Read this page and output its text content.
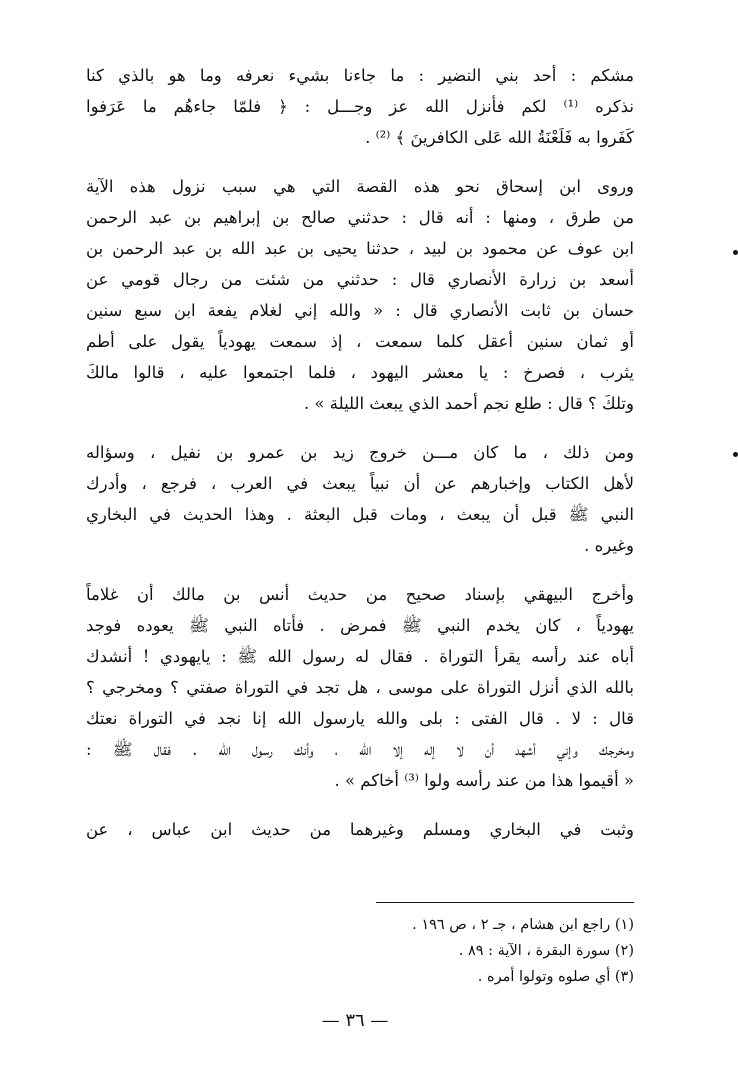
مشكم : أحد بني النضير : ما جاءنا بشيء نعرفه وما هو بالذي كنا
نذكره ⁽¹⁾ لكم فأنزل الله عز وجـــل : ﴿ فلمّا جاءهُم ما عَرَفوا
كَفَروا به فَلَعْنَةُ الله عَلى الكافرينَ ﴾ ⁽²⁾ .

وروى ابن إسحاق نحو هذه القصة التي هي سبب نزول هذه الآية
من طرق ، ومنها : أنه قال : حدثني صالح بن إبراهيم بن عبد الرحمن
ابن عوف عن محمود بن لبيد ، حدثنا يحيى بن عبد الله بن عبد الرحمن بن
أسعد بن زرارة الأنصاري قال : حدثني من شئت من رجال قومي عن
حسان بن ثابت الأنصاري قال : « والله إني لغلام يفعة ابن سبع سنين
أو ثمان سنين أعقل كلما سمعت ، إذ سمعت يهودياً يقول على أطم
يثرب ، فصرخ : يا معشر اليهود ، فلما اجتمعوا عليه ، قالوا مالكَ
وتلكَ ؟ قال : طلع نجم أحمد الذي يبعث الليلة » .

ومن ذلك ، ما كان مـــن خروج زيد بن عمرو بن نفيل ، وسؤاله
لأهل الكتاب وإخبارهم عن أن نبياً يبعث في العرب ، فرجع ، وأدرك
النبي ﷺ قبل أن يبعث ، ومات قبل البعثة . وهذا الحديث في البخاري
وغيره .

وأخرج البيهقي بإسناد صحيح من حديث أنس بن مالك أن غلاماً
يهودياً ، كان يخدم النبي ﷺ فمرض . فأتاه النبي ﷺ يعوده فوجد
أباه عند رأسه يقرأ التوراة . فقال له رسول الله ﷺ : يايهودي ! أنشدك
بالله الذي أنزل التوراة على موسى ، هل تجد في التوراة صفتي ؟ ومخرجي ؟
قال : لا . قال الفتى : بلى والله يارسول الله إنا نجد في التوراة نعتك
ومخرجك وإني أشهد أن لا إله إلا الله ، وأنك رسول الله . فقال ﷺ :
« أقيموا هذا من عند رأسه ولوا ⁽³⁾ أخاكم » .

وثبت في البخاري ومسلم وغيرهما من حديث ابن عباس ، عن

(١) راجع ابن هشام ، جـ ٢ ، ص ١٩٦ .
(٢) سورة البقرة ، الآية : ٨٩ .
(٣) أي صلوه وتولوا أمره .
— ٣٦ —
